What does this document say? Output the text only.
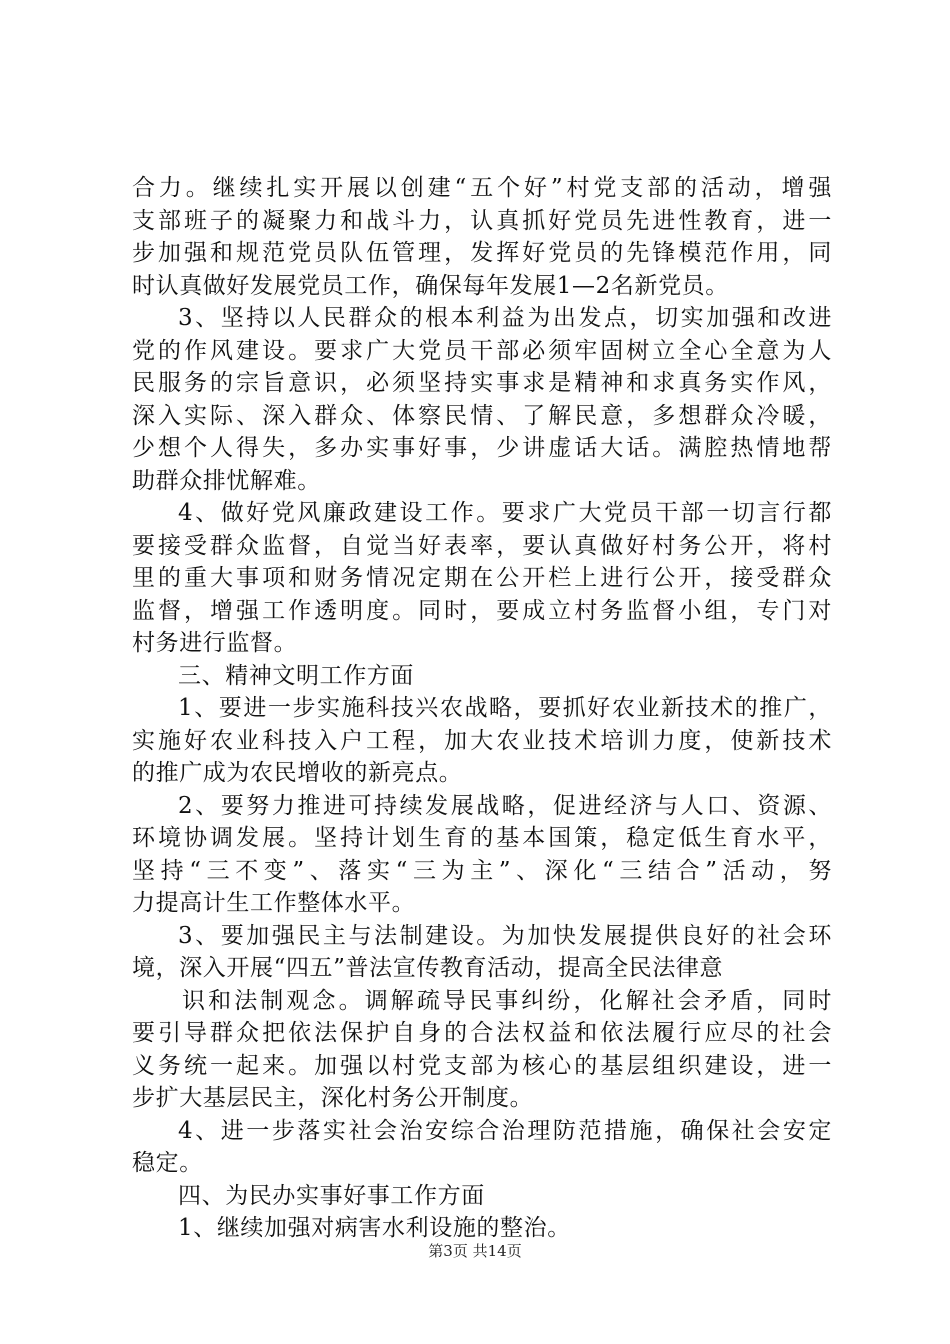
合力。继续扎实开展以创建“五个好”村党支部的活动，增强
支部班子的凝聚力和战斗力，认真抓好党员先进性教育，进一
步加强和规范党员队伍管理，发挥好党员的先锋模范作用，同
时认真做好发展党员工作，确保每年发展1—2名新党员。
3、坚持以人民群众的根本利益为出发点，切实加强和改进
党的作风建设。要求广大党员干部必须牢固树立全心全意为人
民服务的宗旨意识，必须坚持实事求是精神和求真务实作风，
深入实际、深入群众、体察民情、了解民意，多想群众冷暖，
少想个人得失，多办实事好事，少讲虚话大话。满腔热情地帮
助群众排忧解难。
4、做好党风廉政建设工作。要求广大党员干部一切言行都
要接受群众监督，自觉当好表率，要认真做好村务公开，将村
里的重大事项和财务情况定期在公开栏上进行公开，接受群众
监督，增强工作透明度。同时，要成立村务监督小组，专门对
村务进行监督。
三、精神文明工作方面
1、要进一步实施科技兴农战略，要抓好农业新技术的推广，
实施好农业科技入户工程，加大农业技术培训力度，使新技术
的推广成为农民增收的新亮点。
2、要努力推进可持续发展战略，促进经济与人口、资源、
环境协调发展。坚持计划生育的基本国策，稳定低生育水平，
坚持“三不变”、落实“三为主”、深化“三结合”活动，努
力提高计生工作整体水平。
3、要加强民主与法制建设。为加快发展提供良好的社会环
境，深入开展“四五”普法宣传教育活动，提高全民法律意
识和法制观念。调解疏导民事纠纷，化解社会矛盾，同时
要引导群众把依法保护自身的合法权益和依法履行应尽的社会
义务统一起来。加强以村党支部为核心的基层组织建设，进一
步扩大基层民主，深化村务公开制度。
4、进一步落实社会治安综合治理防范措施，确保社会安定
稳定。
四、为民办实事好事工作方面
1、继续加强对病害水利设施的整治。
第3页 共14页
